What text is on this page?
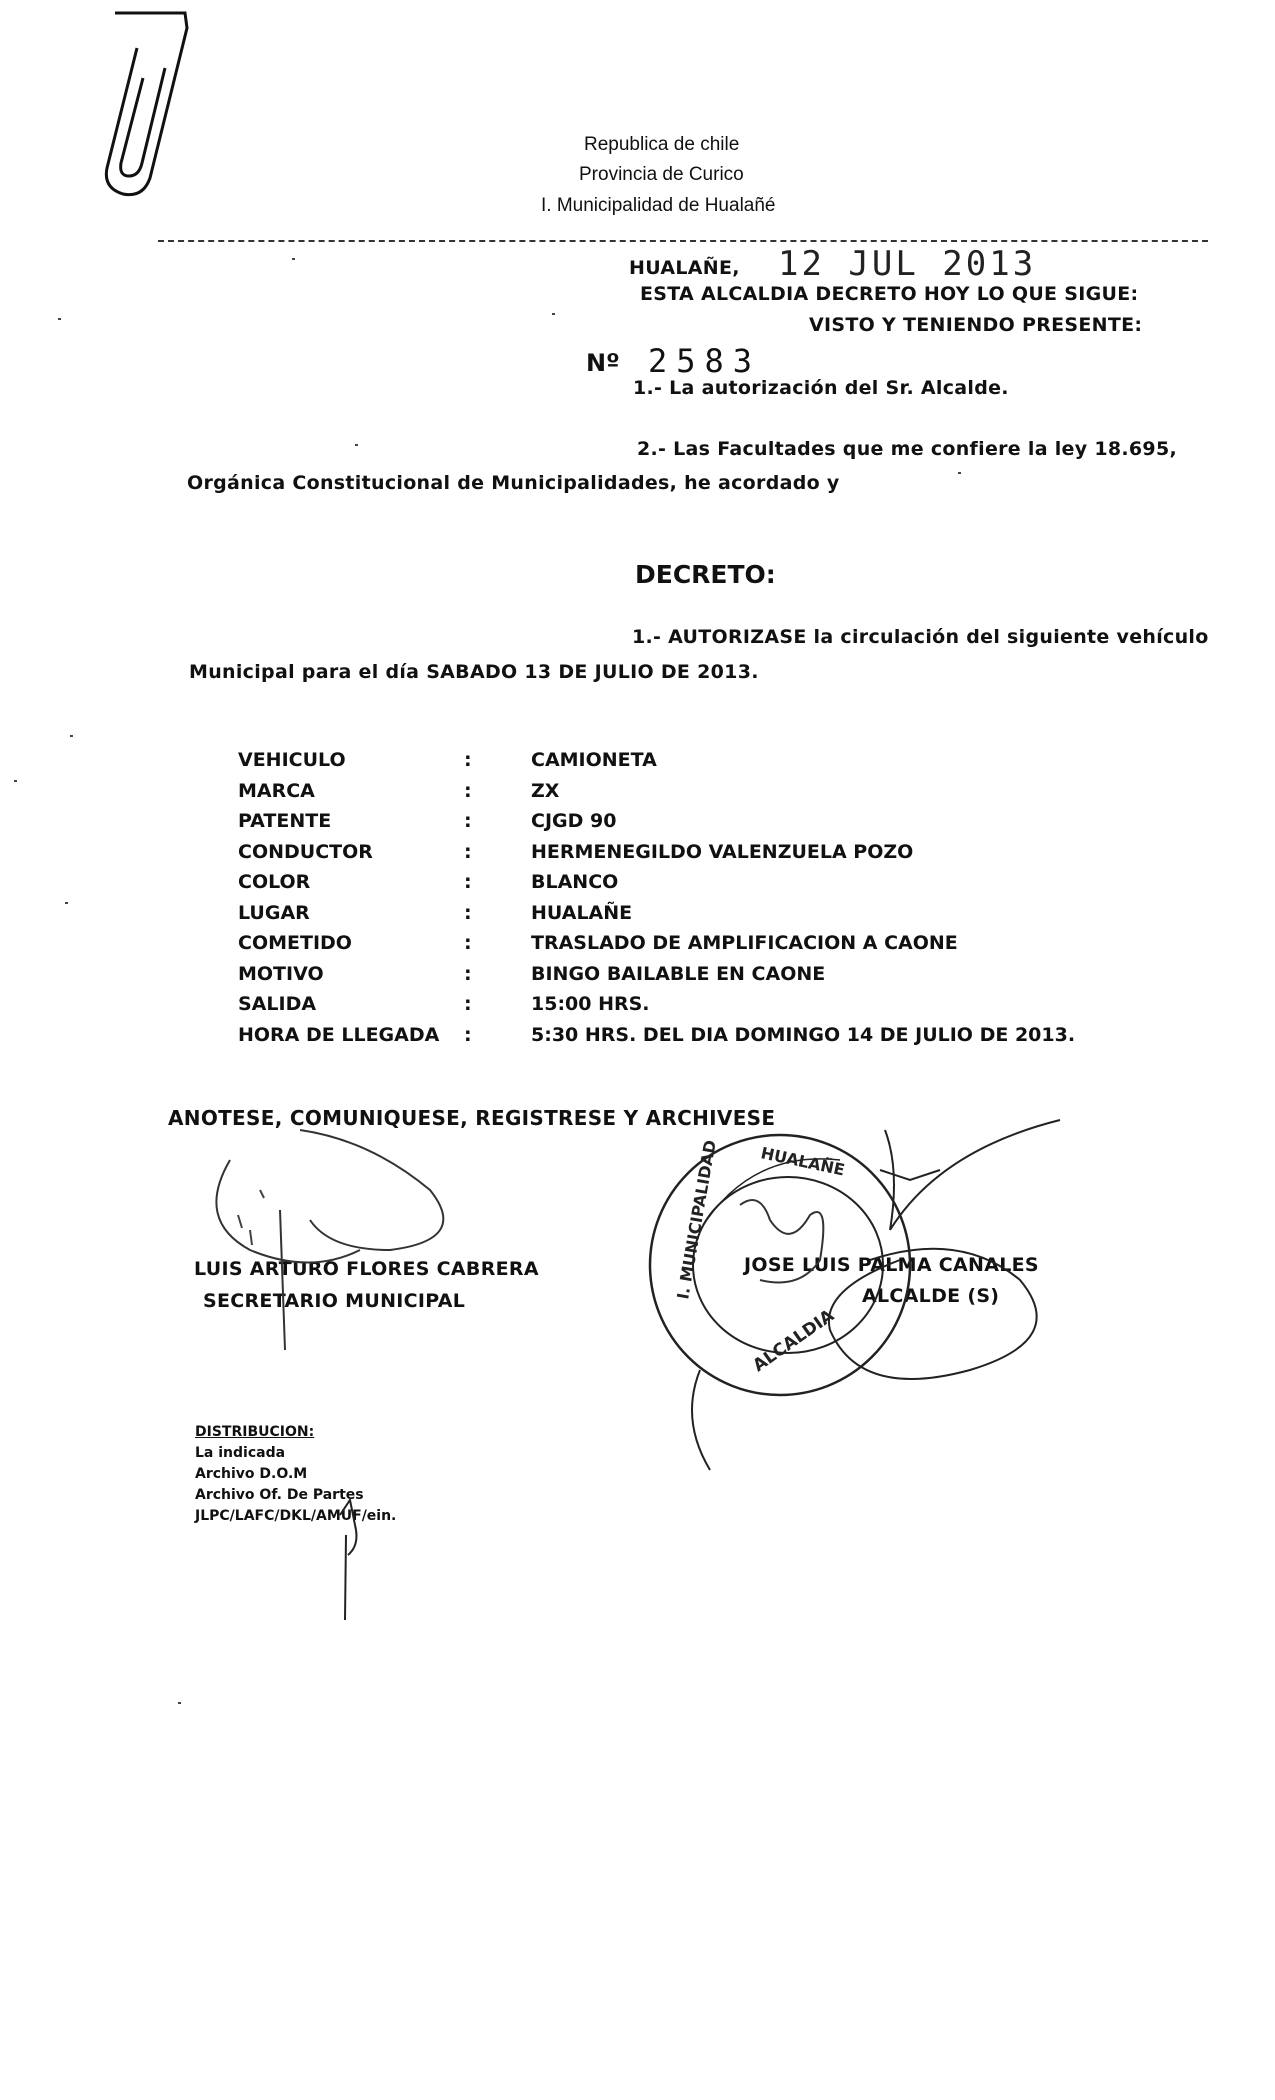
Republica de chile
Provincia de Curico
I. Municipalidad de Hualañé
HUALAÑE, 12 JUL 2013
ESTA ALCALDIA DECRETO HOY LO QUE SIGUE:
VISTO Y TENIENDO PRESENTE:
Nº 2583
1.- La autorización del Sr. Alcalde.
2.- Las Facultades que me confiere la ley 18.695,
Orgánica Constitucional de Municipalidades, he acordado y
DECRETO:
1.- AUTORIZASE la circulación del siguiente vehículo
Municipal para el día SABADO 13 DE JULIO DE 2013.
VEHICULO	:	CAMIONETA
MARCA	:	ZX
PATENTE	:	CJGD 90
CONDUCTOR	:	HERMENEGILDO VALENZUELA POZO
COLOR	:	BLANCO
LUGAR	:	HUALAÑE
COMETIDO	:	TRASLADO DE AMPLIFICACION A CAONE
MOTIVO	:	BINGO BAILABLE EN CAONE
SALIDA	:	15:00 HRS.
HORA DE LLEGADA	:	5:30 HRS. DEL DIA DOMINGO 14 DE JULIO DE 2013.
ANOTESE, COMUNIQUESE, REGISTRESE Y ARCHIVESE
LUIS ARTURO FLORES CABRERA
SECRETARIO MUNICIPAL
JOSE LUIS PALMA CANALES
ALCALDE (S)
HUALAÑE
I. MUNICIPALIDAD
ALCALDIA
DISTRIBUCION:
La indicada
Archivo D.O.M
Archivo Of. De Partes
JLPC/LAFC/DKL/AMUF/ein.
